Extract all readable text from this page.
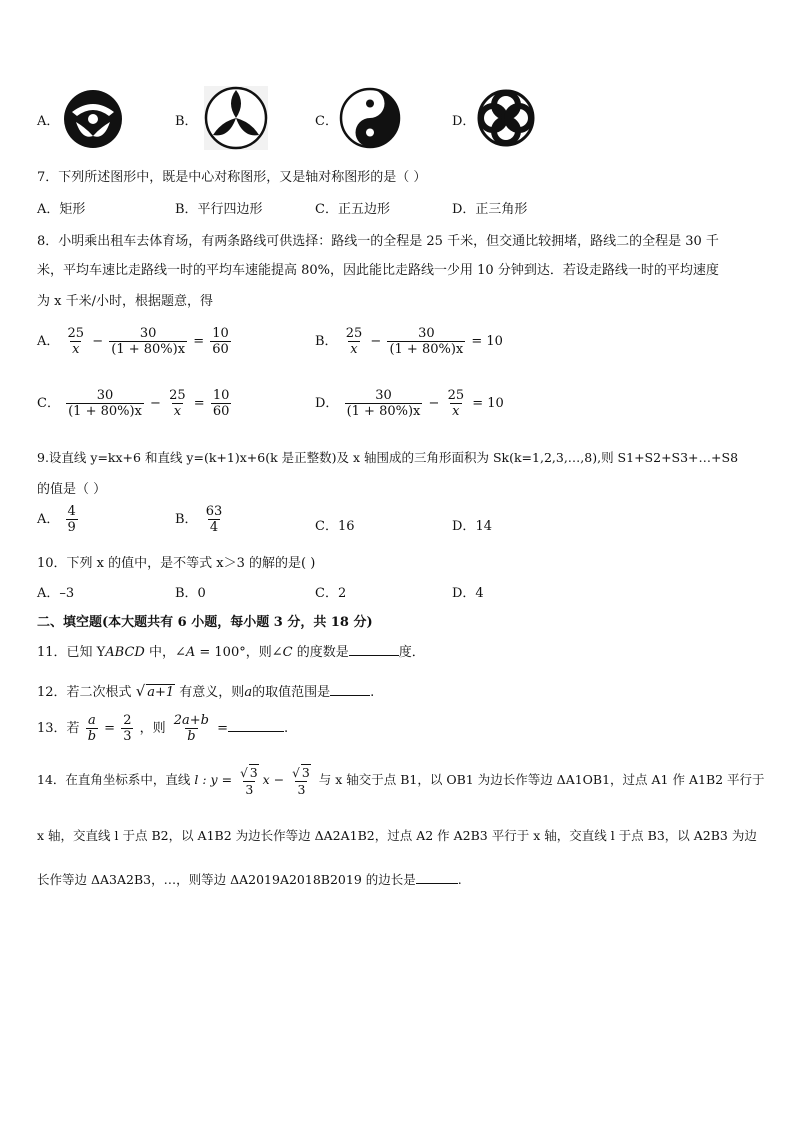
A．	B．	C．	D．
7．下列所述图形中，既是中心对称图形，又是轴对称图形的是（ ）
A．矩形	B．平行四边形	C．正五边形	D．正三角形
8．小明乘出租车去体育场，有两条路线可供选择：路线一的全程是 25 千米，但交通比较拥堵，路线二的全程是 30 千
米，平均车速比走路线一时的平均车速能提高 80%，因此能比走路线一少用 10 分钟到达．若设走路线一时的平均速度
为 x 千米/小时，根据题意，得
A． $\frac{25}{x} - \frac{30}{(1 + 80\%)x} = \frac{10}{60}$	B． $\frac{25}{x} - \frac{30}{(1 + 80\%)x} = 10$
C． $\frac{30}{(1 + 80\%)x} - \frac{25}{x} = \frac{10}{60}$	D． $\frac{30}{(1 + 80\%)x} - \frac{25}{x} = 10$
9.设直线 y=kx+6 和直线 y=(k+1)x+6(k 是正整数)及 x 轴围成的三角形面积为 Sk(k=1,2,3,…,8),则 S1+S2+S3+…+S8
的值是（ ）
A． $\frac{4}{9}$	B． $\frac{63}{4}$	C．16	D．14
10．下列 x 的值中，是不等式 x＞3 的解的是( )
A．–3	B．0	C．2	D．4
二、填空题(本大题共有 6 小题，每小题 3 分，共 18 分)
11．已知 YABCD 中，∠A = 100°，则∠C 的度数是	度．
12．若二次根式 √ a+1 有意义，则a的取值范围是	.
13．若 $\frac{a}{b} = \frac{2}{3}$ ，则 $\frac{2a+b}{b}$ =	.
14．在直角坐标系中，直线 l : $y = \frac{√ 3}{3}$ $x - \frac{√ 3}{3}$ 与 x 轴交于点 B1，以 OB1 为边长作等边 ΔA1OB1，过点 A1 作 A1B2 平行于
x 轴，交直线 l 于点 B2，以 A1B2 为边长作等边 ΔA2A1B2，过点 A2 作 A2B3 平行于 x 轴，交直线 l 于点 B3，以 A2B3 为边
长作等边 ΔA3A2B3，…，则等边 ΔA2019A2018B2019 的边长是	.
